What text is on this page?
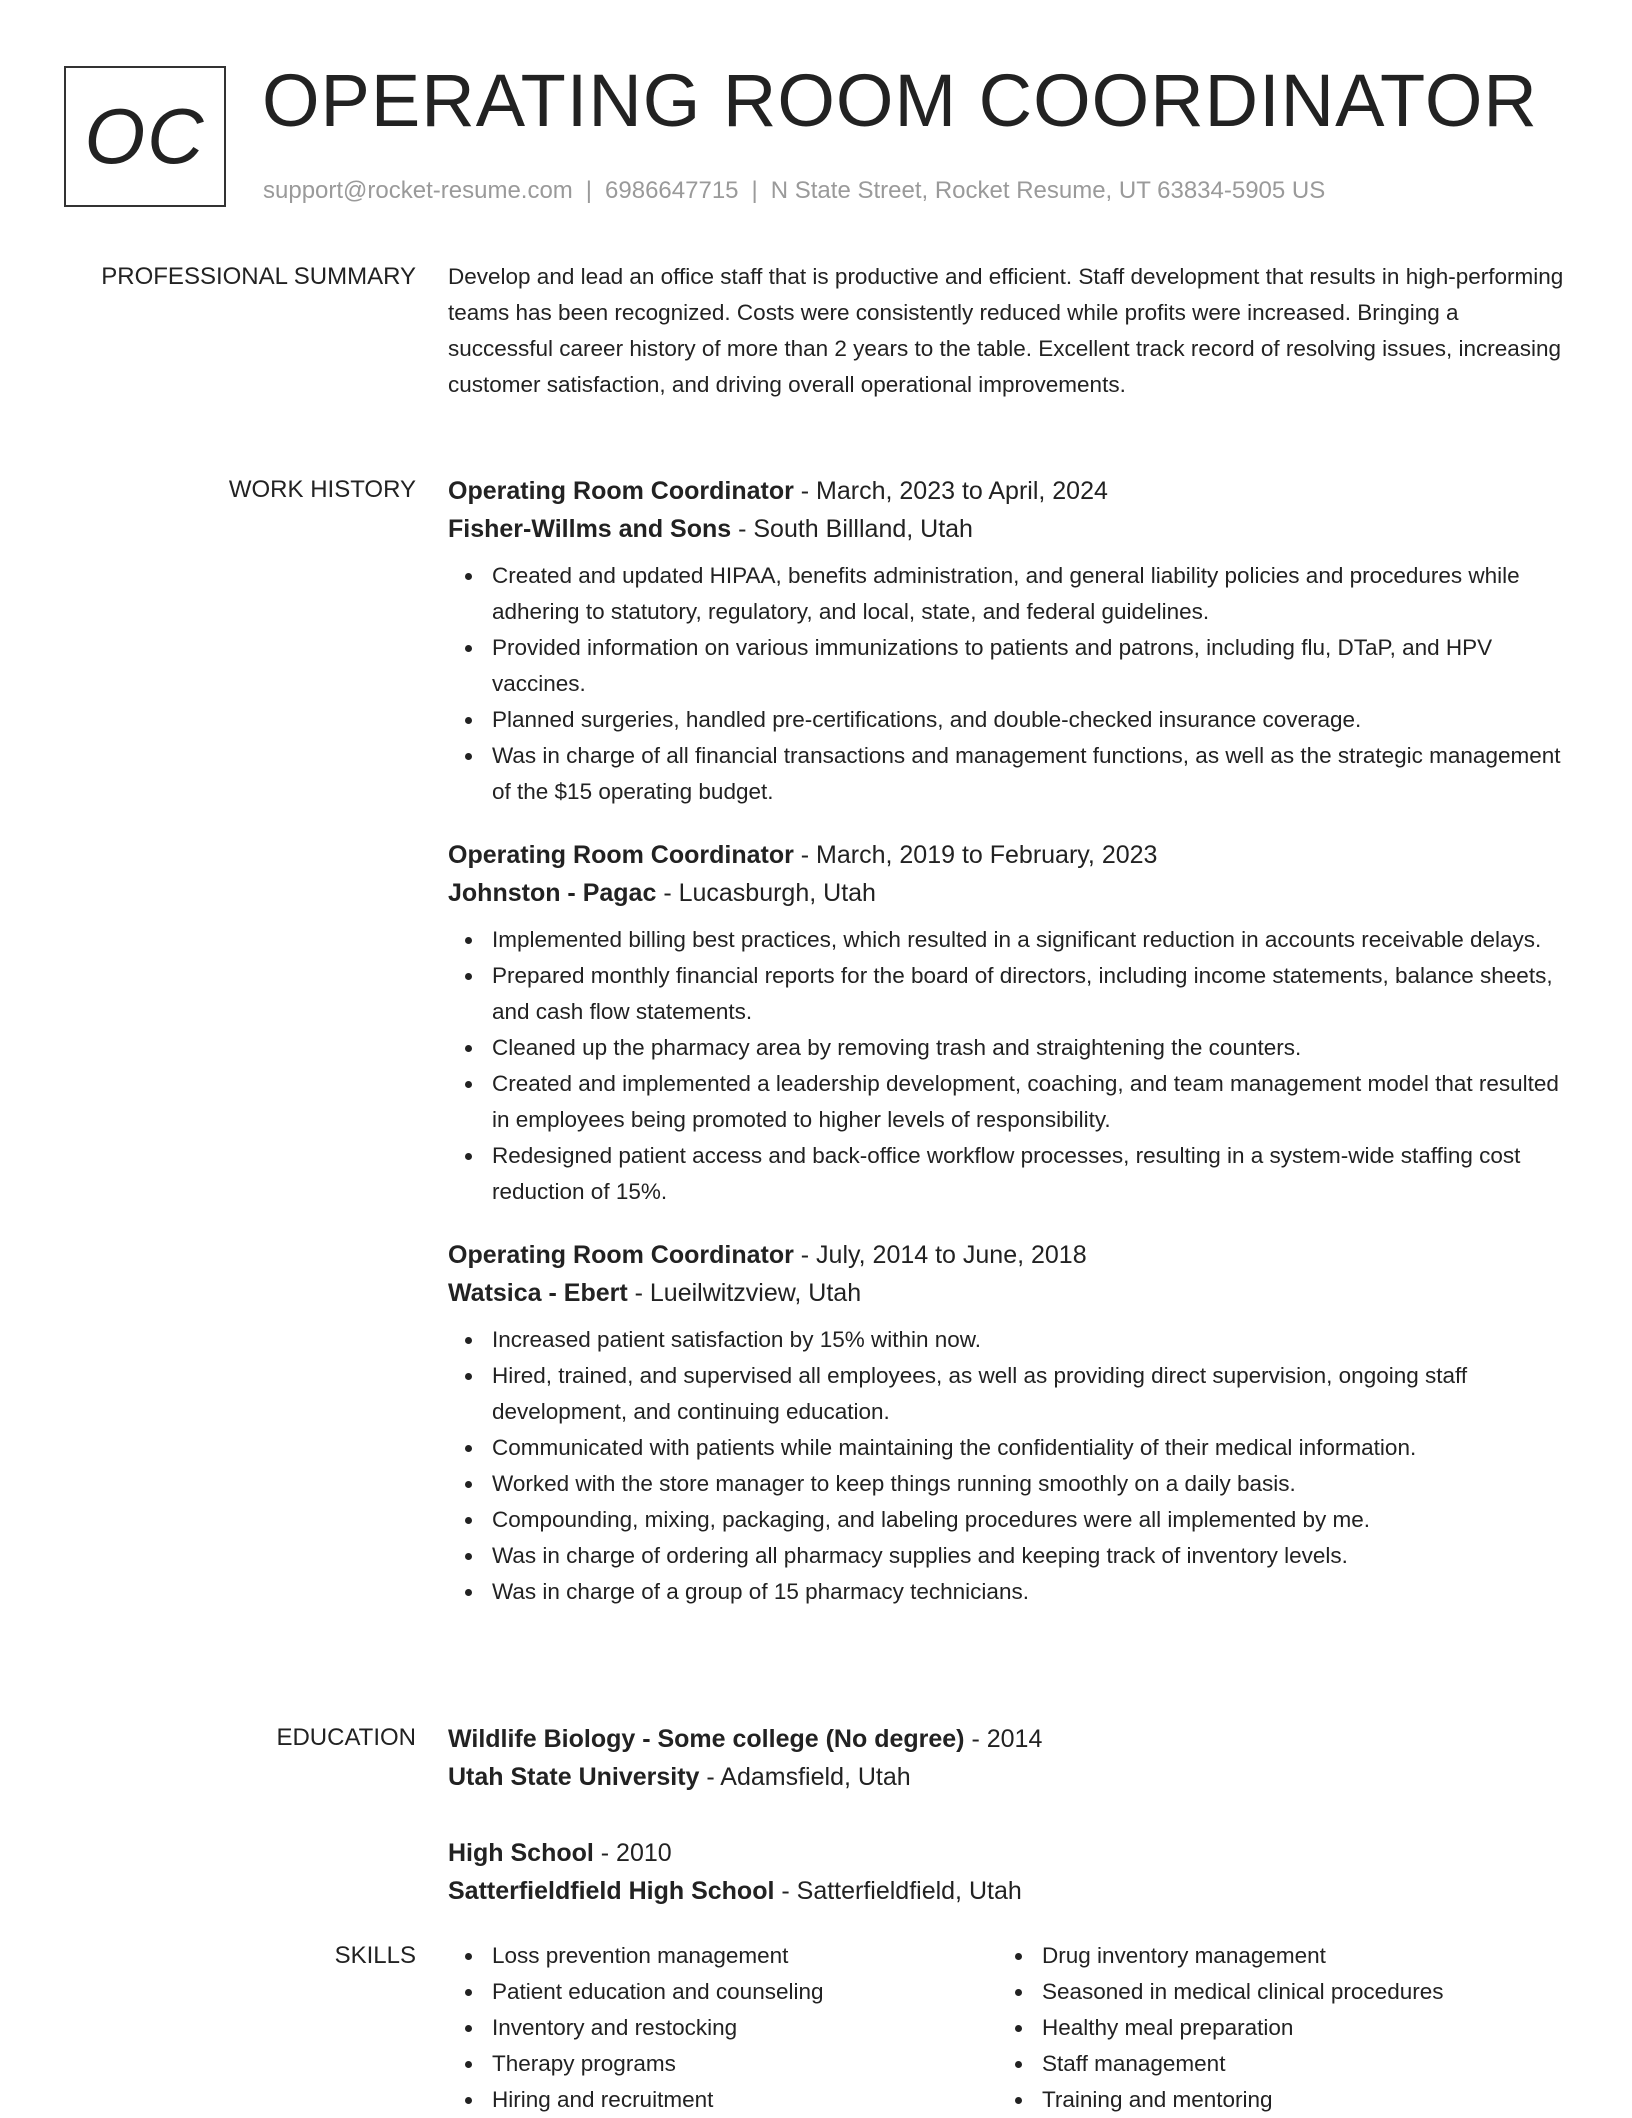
OC OPERATING ROOM COORDINATOR
support@rocket-resume.com | 6986647715 | N State Street, Rocket Resume, UT 63834-5905 US
PROFESSIONAL SUMMARY Develop and lead an office staff that is productive and efficient. Staff development that results in high-performing teams has been recognized. Costs were consistently reduced while profits were increased. Bringing a successful career history of more than 2 years to the table. Excellent track record of resolving issues, increasing customer satisfaction, and driving overall operational improvements.

WORK HISTORY Operating Room Coordinator - March, 2023 to April, 2024
Fisher-Willms and Sons - South Billland, Utah
Created and updated HIPAA, benefits administration, and general liability policies and procedures while adhering to statutory, regulatory, and local, state, and federal guidelines.
Provided information on various immunizations to patients and patrons, including flu, DTaP, and HPV vaccines.
Planned surgeries, handled pre-certifications, and double-checked insurance coverage.
Was in charge of all financial transactions and management functions, as well as the strategic management of the $15 operating budget.
Operating Room Coordinator - March, 2019 to February, 2023
Johnston - Pagac - Lucasburgh, Utah
Implemented billing best practices, which resulted in a significant reduction in accounts receivable delays.
Prepared monthly financial reports for the board of directors, including income statements, balance sheets, and cash flow statements.
Cleaned up the pharmacy area by removing trash and straightening the counters.
Created and implemented a leadership development, coaching, and team management model that resulted in employees being promoted to higher levels of responsibility.
Redesigned patient access and back-office workflow processes, resulting in a system-wide staffing cost reduction of 15%.
Operating Room Coordinator - July, 2014 to June, 2018
Watsica - Ebert - Lueilwitzview, Utah
Increased patient satisfaction by 15% within now.
Hired, trained, and supervised all employees, as well as providing direct supervision, ongoing staff development, and continuing education.
Communicated with patients while maintaining the confidentiality of their medical information.
Worked with the store manager to keep things running smoothly on a daily basis.
Compounding, mixing, packaging, and labeling procedures were all implemented by me.
Was in charge of ordering all pharmacy supplies and keeping track of inventory levels.
Was in charge of a group of 15 pharmacy technicians.
EDUCATION Wildlife Biology - Some college (No degree) - 2014
Utah State University - Adamsfield, Utah
High School - 2010
Satterfieldfield High School - Satterfieldfield, Utah
SKILLS	Loss prevention management
Patient education and counseling
Inventory and restocking
Therapy programs
Hiring and recruitment
Drug inventory management
Seasoned in medical clinical procedures
Healthy meal preparation
Staff management
Training and mentoring
